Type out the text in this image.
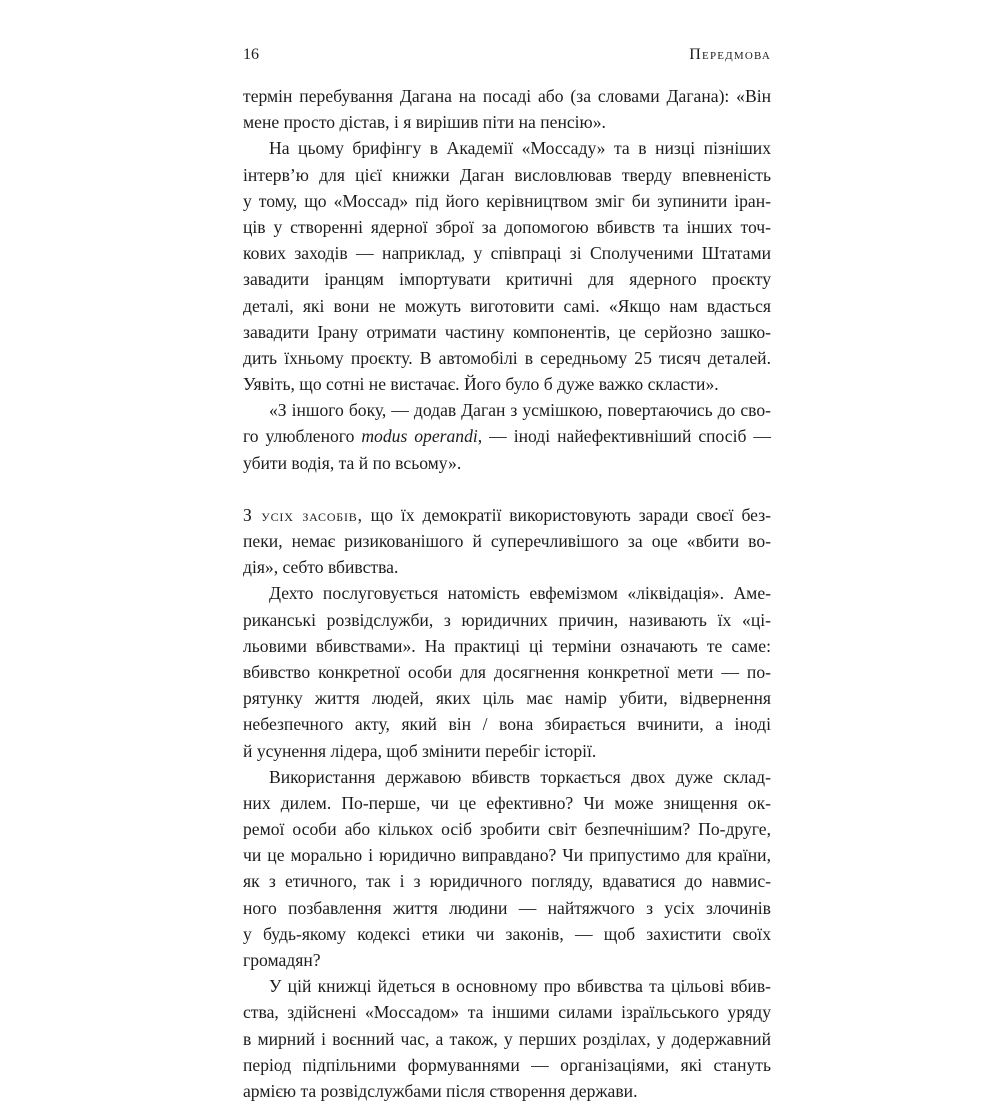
16	Передмова
термін перебування Дагана на посаді або (за словами Дагана): «Він
мене просто дістав, і я вирішив піти на пенсію».
На цьому брифінгу в Академії «Моссаду» та в низці пізніших
інтерв’ю для цієї книжки Даган висловлював тверду впевненість
у тому, що «Моссад» під його керівництвом зміг би зупинити іран-
ців у створенні ядерної зброї за допомогою вбивств та інших точ-
кових заходів — наприклад, у співпраці зі Сполученими Штатами
завадити іранцям імпортувати критичні для ядерного проєкту
деталі, які вони не можуть виготовити самі. «Якщо нам вдасться
завадити Ірану отримати частину компонентів, це серйозно зашко-
дить їхньому проєкту. В автомобілі в середньому 25 тисяч деталей.
Уявіть, що сотні не вистачає. Його було б дуже важко скласти».
«З іншого боку, — додав Даган з усмішкою, повертаючись до сво-
го улюбленого modus operandi, — іноді найефективніший спосіб —
убити водія, та й по всьому».
З усіх засобів, що їх демократії використовують заради своєї без-
пеки, немає ризикованішого й суперечливішого за оце «вбити во-
дія», себто вбивства.
Дехто послуговується натомість евфемізмом «ліквідація». Аме-
риканські розвідслужби, з юридичних причин, називають їх «ці-
льовими вбивствами». На практиці ці терміни означають те саме:
вбивство конкретної особи для досягнення конкретної мети — по-
рятунку життя людей, яких ціль має намір убити, відвернення
небезпечного акту, який він / вона збирається вчинити, а іноді
й усунення лідера, щоб змінити перебіг історії.
Використання державою вбивств торкається двох дуже склад-
них дилем. По-перше, чи це ефективно? Чи може знищення ок-
ремої особи або кількох осіб зробити світ безпечнішим? По-друге,
чи це морально і юридично виправдано? Чи припустимо для країни,
як з етичного, так і з юридичного погляду, вдаватися до навмис-
ного позбавлення життя людини — найтяжчого з усіх злочинів
у будь-якому кодексі етики чи законів, — щоб захистити своїх
громадян?
У цій книжці йдеться в основному про вбивства та цільові вбив-
ства, здійснені «Моссадом» та іншими силами ізраїльського уряду
в мирний і воєнний час, а також, у перших розділах, у додержавний
період підпільними формуваннями — організаціями, які стануть
армією та розвідслужбами після створення держави.
